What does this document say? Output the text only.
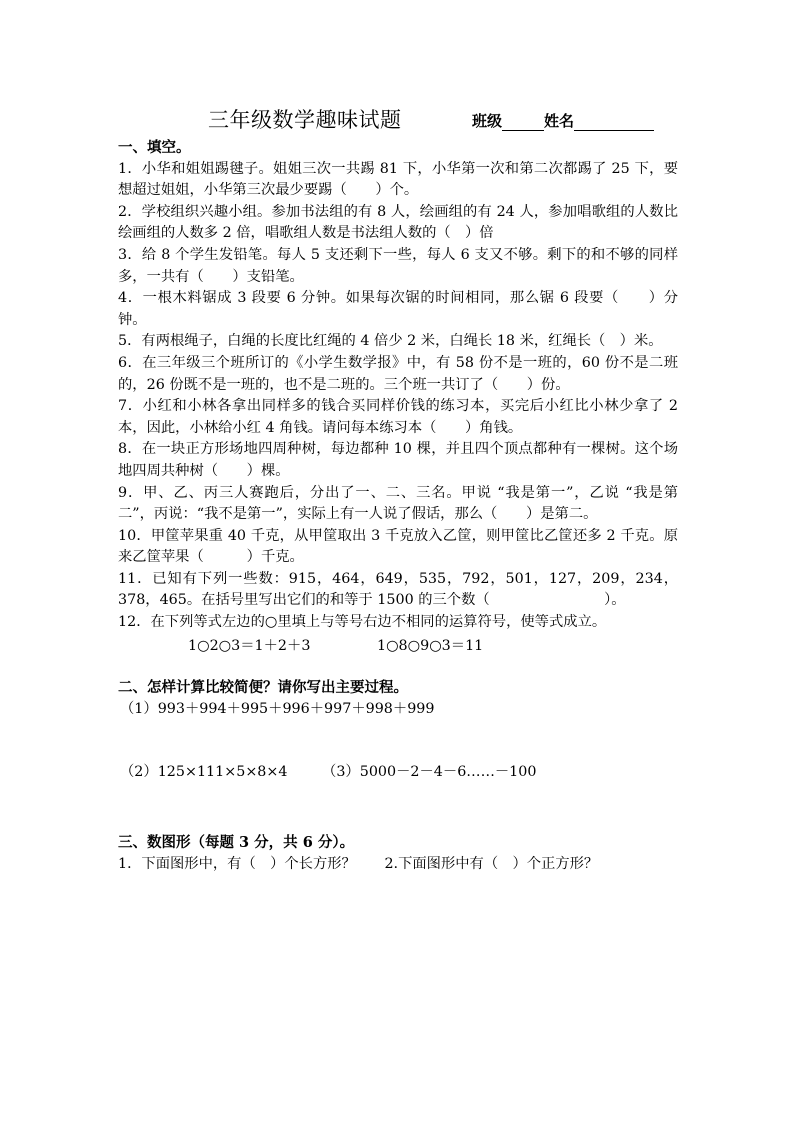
三年级数学趣味试题	班级	姓名
一、填空。

1．小华和姐姐踢毽子。姐姐三次一共踢 81 下，小华第一次和第二次都踢了 25 下，要想超过姐姐，小华第三次最少要踢（　　）个。

2．学校组织兴趣小组。参加书法组的有 8 人，绘画组的有 24 人，参加唱歌组的人数比绘画组的人数多 2 倍，唱歌组人数是书法组人数的（　）倍

3．给 8 个学生发铅笔。每人 5 支还剩下一些，每人 6 支又不够。剩下的和不够的同样多，一共有（　　）支铅笔。

4．一根木料锯成 3 段要 6 分钟。如果每次锯的时间相同，那么锯 6 段要（　　）分钟。

5．有两根绳子，白绳的长度比红绳的 4 倍少 2 米，白绳长 18 米，红绳长（　）米。

6．在三年级三个班所订的《小学生数学报》中，有 58 份不是一班的，60 份不是二班的，26 份既不是一班的，也不是二班的。三个班一共订了（　　）份。

7．小红和小林各拿出同样多的钱合买同样价钱的练习本，买完后小红比小林少拿了 2 本，因此，小林给小红 4 角钱。请问每本练习本（　　）角钱。

8．在一块正方形场地四周种树，每边都种 10 棵，并且四个顶点都种有一棵树。这个场地四周共种树（　　）棵。

9．甲、乙、丙三人赛跑后，分出了一、二、三名。甲说 “我是第一”，乙说 “我是第二”，丙说：“我不是第一”，实际上有一人说了假话，那么（　　）是第二。

10．甲筐苹果重 40 千克，从甲筐取出 3 千克放入乙筐，则甲筐比乙筐还多 2 千克。原来乙筐苹果（　　　）千克。

11．已知有下列一些数：915，464，649，535，792，501，127，209，234，378，465。在括号里写出它们的和等于 1500 的三个数（　　　　　　　　）。

12．在下列等式左边的○里填上与等号右边不相同的运算符号，使等式成立。

1○2○3＝1＋2＋3	1○8○9○3＝11
二、怎样计算比较简便？请你写出主要过程。
（1）993＋994＋995＋996＋997＋998＋999
（2）125×111×5×8×4 （3）5000－2－4－6……－100
三、数图形（每题 3 分，共 6 分）。

1．下面图形中，有（　）个长方形？　　2.下面图形中有（　）个正方形？
